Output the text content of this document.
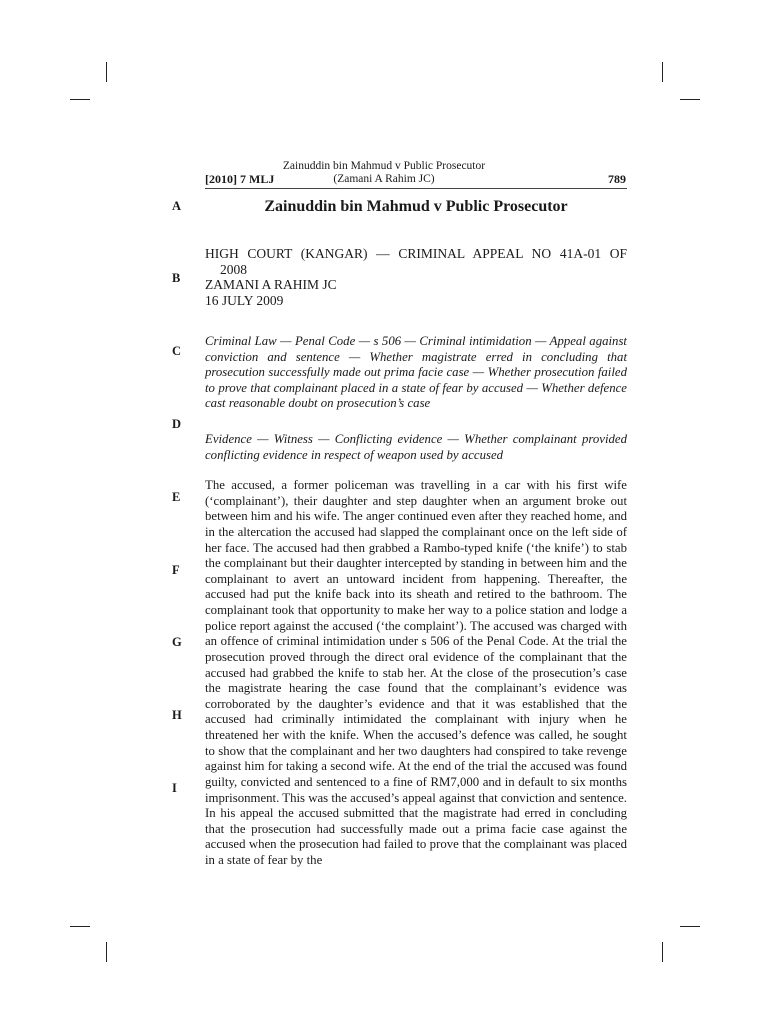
Zainuddin bin Mahmud v Public Prosecutor
(Zamani A Rahim JC)
[2010] 7 MLJ	789
A
B
C
D
E
F
G
H
I
Zainuddin bin Mahmud v Public Prosecutor
HIGH COURT (KANGAR) — CRIMINAL APPEAL NO 41A-01 OF
2008
ZAMANI A RAHIM JC
16 JULY 2009
Criminal Law — Penal Code — s 506 — Criminal intimidation — Appeal against conviction and sentence — Whether magistrate erred in concluding that prosecution successfully made out prima facie case — Whether prosecution failed to prove that complainant placed in a state of fear by accused — Whether defence cast reasonable doubt on prosecution’s case
Evidence — Witness — Conflicting evidence — Whether complainant provided conflicting evidence in respect of weapon used by accused
The accused, a former policeman was travelling in a car with his first wife (‘complainant’), their daughter and step daughter when an argument broke out between him and his wife. The anger continued even after they reached home, and in the altercation the accused had slapped the complainant once on the left side of her face. The accused had then grabbed a Rambo-typed knife (‘the knife’) to stab the complainant but their daughter intercepted by standing in between him and the complainant to avert an untoward incident from happening. Thereafter, the accused had put the knife back into its sheath and retired to the bathroom. The complainant took that opportunity to make her way to a police station and lodge a police report against the accused (‘the complaint’). The accused was charged with an offence of criminal intimidation under s 506 of the Penal Code. At the trial the prosecution proved through the direct oral evidence of the complainant that the accused had grabbed the knife to stab her. At the close of the prosecution’s case the magistrate hearing the case found that the complainant’s evidence was corroborated by the daughter’s evidence and that it was established that the accused had criminally intimidated the complainant with injury when he threatened her with the knife. When the accused’s defence was called, he sought to show that the complainant and her two daughters had conspired to take revenge against him for taking a second wife. At the end of the trial the accused was found guilty, convicted and sentenced to a fine of RM7,000 and in default to six months imprisonment. This was the accused’s appeal against that conviction and sentence. In his appeal the accused submitted that the magistrate had erred in concluding that the prosecution had successfully made out a prima facie case against the accused when the prosecution had failed to prove that the complainant was placed in a state of fear by the
